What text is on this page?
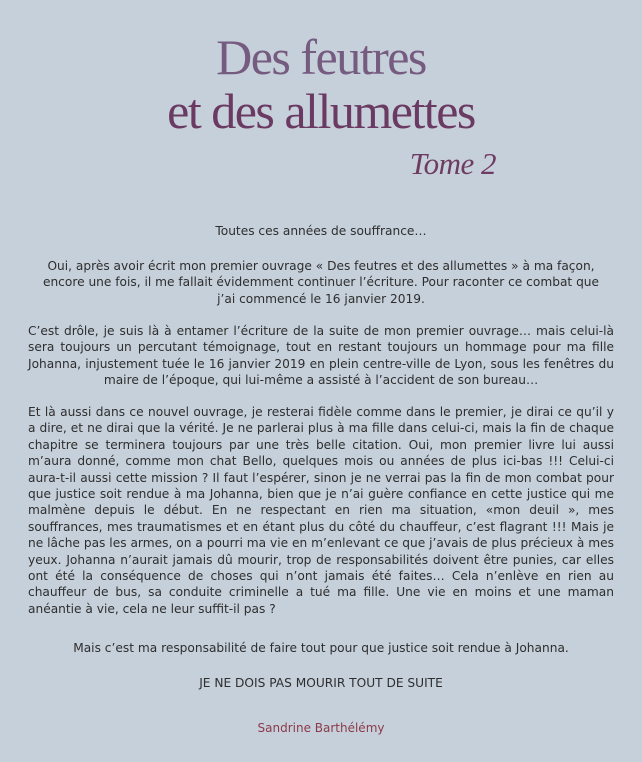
Des feutres
et des allumettes
Tome 2

Toutes ces années de souffrance…

Oui, après avoir écrit mon premier ouvrage « Des feutres et des allumettes » à ma façon, encore une fois, il me fallait évidemment continuer l’écriture. Pour raconter ce combat que j’ai commencé le 16 janvier 2019.

C’est drôle, je suis là à entamer l’écriture de la suite de mon premier ouvrage… mais celui-là sera toujours un percutant témoignage, tout en restant toujours un hommage pour ma fille Johanna, injustement tuée le 16 janvier 2019 en plein centre-ville de Lyon, sous les fenêtres du maire de l’époque, qui lui-même a assisté à l’accident de son bureau…

Et là aussi dans ce nouvel ouvrage, je resterai fidèle comme dans le premier, je dirai ce qu’il y a dire, et ne dirai que la vérité. Je ne parlerai plus à ma fille dans celui-ci, mais la fin de chaque chapitre se terminera toujours par une très belle citation. Oui, mon premier livre lui aussi m’aura donné, comme mon chat Bello, quelques mois ou années de plus ici-bas !!! Celui-ci aura-t-il aussi cette mission ? Il faut l’espérer, sinon je ne verrai pas la fin de mon combat pour que justice soit rendue à ma Johanna, bien que je n’ai guère confiance en cette justice qui me malmène depuis le début. En ne respectant en rien ma situation, «mon deuil », mes souffrances, mes traumatismes et en étant plus du côté du chauffeur, c’est flagrant !!! Mais je ne lâche pas les armes, on a pourri ma vie en m’enlevant ce que j’avais de plus précieux à mes yeux. Johanna n’aurait jamais dû mourir, trop de responsabilités doivent être punies, car elles ont été la conséquence de choses qui n’ont jamais été faites… Cela n’enlève en rien au chauffeur de bus, sa conduite criminelle a tué ma fille. Une vie en moins et une maman anéantie à vie, cela ne leur suffit-il pas ?

Mais c’est ma responsabilité de faire tout pour que justice soit rendue à Johanna.

JE NE DOIS PAS MOURIR TOUT DE SUITE

Sandrine Barthélémy
